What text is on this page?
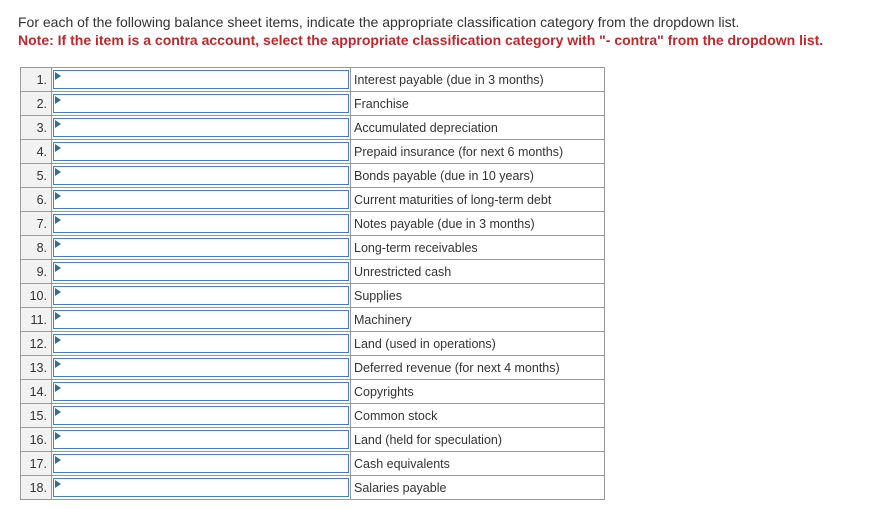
For each of the following balance sheet items, indicate the appropriate classification category from the dropdown list.

Note: If the item is a contra account, select the appropriate classification category with "- contra" from the dropdown list.

1.		Interest payable (due in 3 months)
2.		Franchise
3.		Accumulated depreciation
4.		Prepaid insurance (for next 6 months)
5.		Bonds payable (due in 10 years)
6.		Current maturities of long-term debt
7.		Notes payable (due in 3 months)
8.		Long-term receivables
9.		Unrestricted cash
10.		Supplies
11.		Machinery
12.		Land (used in operations)
13.		Deferred revenue (for next 4 months)
14.		Copyrights
15.		Common stock
16.		Land (held for speculation)
17.		Cash equivalents
18.		Salaries payable
